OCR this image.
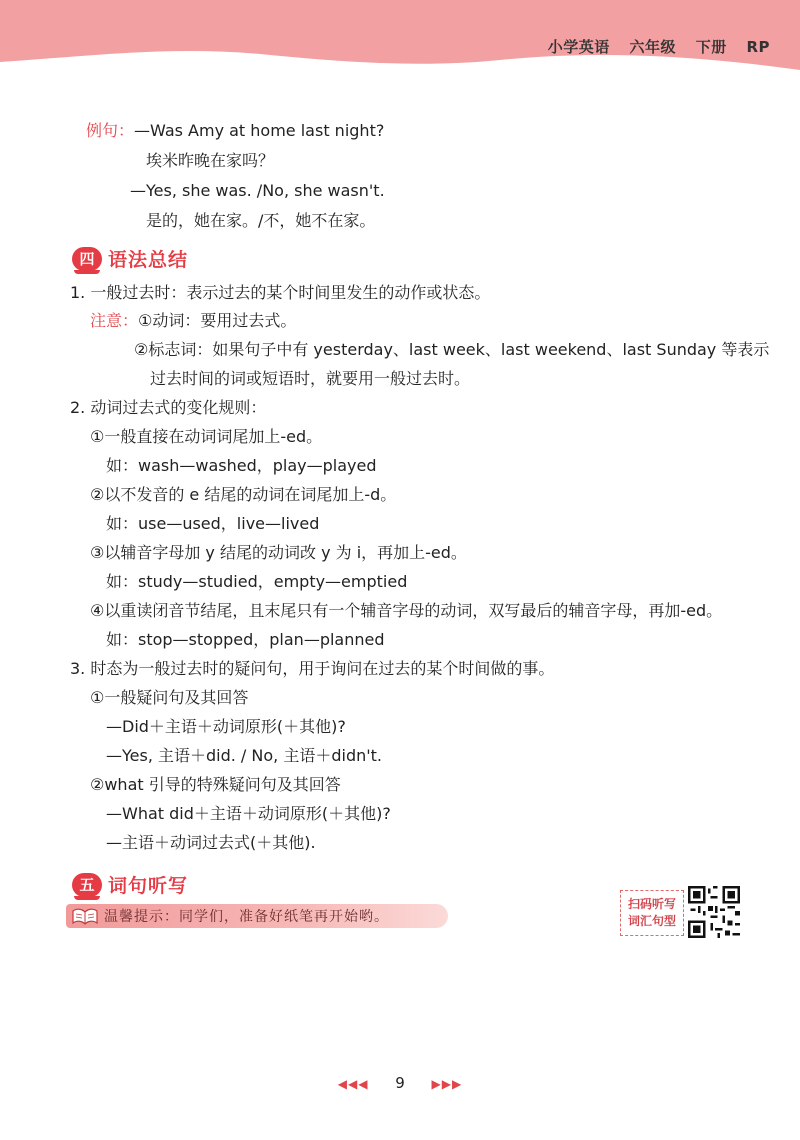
小学英语 六年级 下册 RP
例句：—Was Amy at home last night?
埃米昨晚在家吗？
—Yes, she was. /No, she wasn't.
是的，她在家。/不，她不在家。
四 语法总结
1. 一般过去时：表示过去的某个时间里发生的动作或状态。
注意：①动词：要用过去式。
②标志词：如果句子中有 yesterday、last week、last weekend、last Sunday 等表示
过去时间的词或短语时，就要用一般过去时。
2. 动词过去式的变化规则：
①一般直接在动词词尾加上-ed。
如：wash—washed，play—played
②以不发音的 e 结尾的动词在词尾加上-d。
如：use—used，live—lived
③以辅音字母加 y 结尾的动词改 y 为 i，再加上-ed。
如：study—studied，empty—emptied
④以重读闭音节结尾，且末尾只有一个辅音字母的动词，双写最后的辅音字母，再加-ed。
如：stop—stopped，plan—planned
3. 时态为一般过去时的疑问句，用于询问在过去的某个时间做的事。
①一般疑问句及其回答
—Did＋主语＋动词原形(＋其他)?
—Yes, 主语＋did. / No, 主语＋didn't.
②what 引导的特殊疑问句及其回答
—What did＋主语＋动词原形(＋其他)?
—主语＋动词过去式(＋其他).
五 词句听写
温馨提示：同学们，准备好纸笔再开始哟。
扫码听写
词汇句型
◀◀◀ 9 ▶▶▶
